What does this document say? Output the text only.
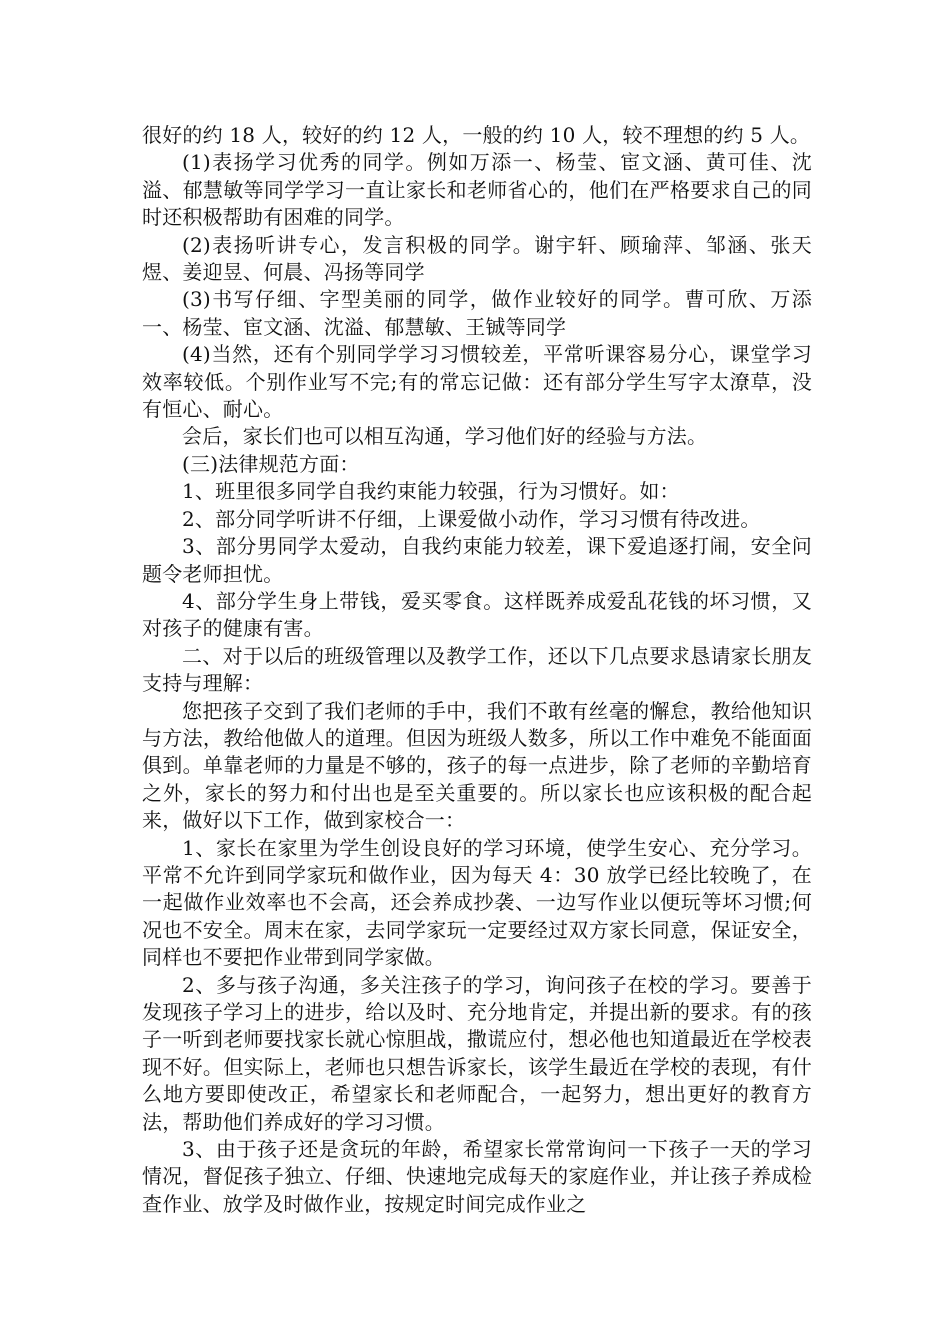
很好的约 18 人，较好的约 12 人，一般的约 10 人，较不理想的约 5 人。

(1)表扬学习优秀的同学。例如万添一、杨莹、宦文涵、黄可佳、沈溢、郁慧敏等同学学习一直让家长和老师省心的，他们在严格要求自己的同时还积极帮助有困难的同学。

(2)表扬听讲专心，发言积极的同学。谢宇轩、顾瑜萍、邹涵、张天煜、姜迎昱、何晨、冯扬等同学

(3)书写仔细、字型美丽的同学，做作业较好的同学。曹可欣、万添一、杨莹、宦文涵、沈溢、郁慧敏、王铖等同学

(4)当然，还有个别同学学习习惯较差，平常听课容易分心，课堂学习效率较低。个别作业写不完;有的常忘记做：还有部分学生写字太潦草，没有恒心、耐心。

会后，家长们也可以相互沟通，学习他们好的经验与方法。

(三)法律规范方面：

1、班里很多同学自我约束能力较强，行为习惯好。如：

2、部分同学听讲不仔细，上课爱做小动作，学习习惯有待改进。

3、部分男同学太爱动，自我约束能力较差，课下爱追逐打闹，安全问题令老师担忧。

4、部分学生身上带钱，爱买零食。这样既养成爱乱花钱的坏习惯，又对孩子的健康有害。

二、对于以后的班级管理以及教学工作，还以下几点要求恳请家长朋友支持与理解：

您把孩子交到了我们老师的手中，我们不敢有丝毫的懈怠，教给他知识与方法，教给他做人的道理。但因为班级人数多，所以工作中难免不能面面俱到。单靠老师的力量是不够的，孩子的每一点进步，除了老师的辛勤培育之外，家长的努力和付出也是至关重要的。所以家长也应该积极的配合起来，做好以下工作，做到家校合一：

1、家长在家里为学生创设良好的学习环境，使学生安心、充分学习。平常不允许到同学家玩和做作业，因为每天 4：30 放学已经比较晚了，在一起做作业效率也不会高，还会养成抄袭、一边写作业以便玩等坏习惯;何况也不安全。周末在家，去同学家玩一定要经过双方家长同意，保证安全，同样也不要把作业带到同学家做。

2、多与孩子沟通，多关注孩子的学习，询问孩子在校的学习。要善于发现孩子学习上的进步，给以及时、充分地肯定，并提出新的要求。有的孩子一听到老师要找家长就心惊胆战，撒谎应付，想必他也知道最近在学校表现不好。但实际上，老师也只想告诉家长，该学生最近在学校的表现，有什么地方要即使改正，希望家长和老师配合，一起努力，想出更好的教育方法，帮助他们养成好的学习习惯。

3、由于孩子还是贪玩的年龄，希望家长常常询问一下孩子一天的学习情况，督促孩子独立、仔细、快速地完成每天的家庭作业，并让孩子养成检查作业、放学及时做作业，按规定时间完成作业之
